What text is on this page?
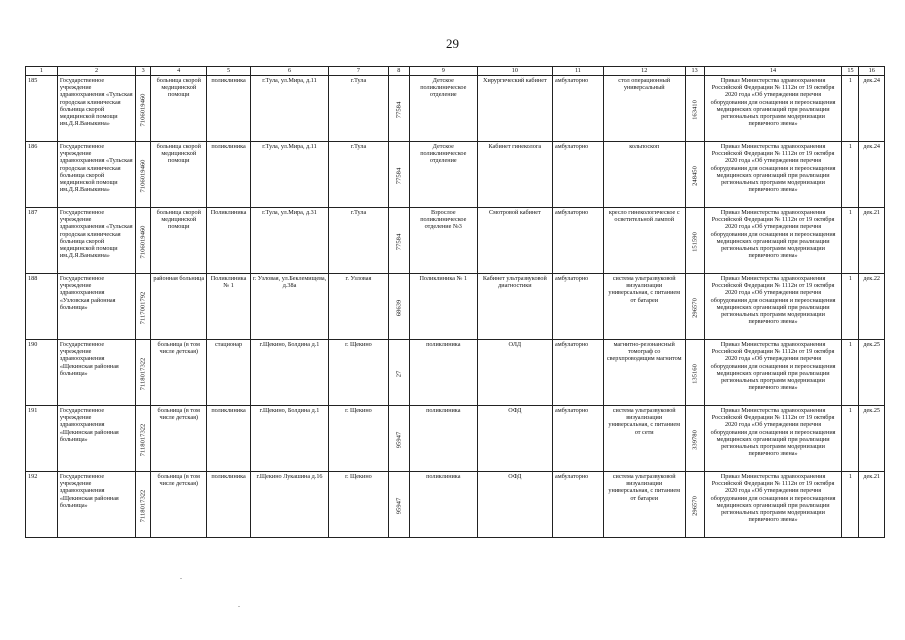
29
1	2	3	4	5	6	7	8	9	10	11	12	13	14	15	16
185	Государственное учреждение здравоохранения «Тульская городская клиническая больница скорой медицинской помощи им.Д.Я.Ваныкина»	7106019460	больница скорой медицинской помощи	поликлиника	г.Тула, ул.Мира, д.11	г.Тула	77584	Детское поликлиническое отделение	Хирургический кабинет	амбулаторно	стол операционный универсальный	163410	Приказ Министерства здравоохранения Российской Федерации № 1112н от 19 октября 2020 года «Об утверждении перечня оборудования для оснащения и переоснащения медицинских организаций при реализации региональных программ модернизации первичного звена»	1	дек.24
186	Государственное учреждение здравоохранения «Тульская городская клиническая больница скорой медицинской помощи им.Д.Я.Ваныкина»	7106019460	больница скорой медицинской помощи	поликлиника	г.Тула, ул.Мира, д.11	г.Тула	77584	Детское поликлиническое отделение	Кабинет гинеколога	амбулаторно	кольпоскоп	248450	Приказ Министерства здравоохранения Российской Федерации № 1112н от 19 октября 2020 года «Об утверждении перечня оборудования для оснащения и переоснащения медицинских организаций при реализации региональных программ модернизации первичного звена»	1	дек.24
187	Государственное учреждение здравоохранения «Тульская городская клиническая больница скорой медицинской помощи им.Д.Я.Ваныкина»	7106019460	больница скорой медицинской помощи	Поликлиника	г.Тула, ул.Мира, д.31	г.Тула	77584	Взрослое поликлиническое отделение №3	Смотровой кабинет	амбулаторно	кресло гинекологическое с осветительной лампой	151590	Приказ Министерства здравоохранения Российской Федерации № 1112н от 19 октября 2020 года «Об утверждении перечня оборудования для оснащения и переоснащения медицинских организаций при реализации региональных программ модернизации первичного звена»	1	дек.21
188	Государственное учреждение здравоохранения «Узловская районная больница»	7117001792	районная больница	Поликлиника № 1	г. Узловая, ул.Беклемищева, д.38а	г. Узловая	68639	Поликлиника № 1	Кабинет ультразвуковой диагностики	амбулаторно	система ультразвуковой визуализации универсальная, с питанием от батареи	296570	Приказ Министерства здравоохранения Российской Федерации № 1112н от 19 октября 2020 года «Об утверждении перечня оборудования для оснащения и переоснащения медицинских организаций при реализации региональных программ модернизации первичного звена»	1	дек.22
190	Государственное учреждение здравоохранения «Щекинская районная больница»	7118017322	больница (в том числе детская)	стационар	г.Щекино, Болдина д.1	г. Щекино	27	поликлиника	ОЛД	амбулаторно	магнитно-резонансный томограф со сверхпроводящим магнитом	135160	Приказ Министерства здравоохранения Российской Федерации № 1112н от 19 октября 2020 года «Об утверждении перечня оборудования для оснащения и переоснащения медицинских организаций при реализации региональных программ модернизации первичного звена»	1	дек.25
191	Государственное учреждение здравоохранения «Щекинская районная больница»	7118017322	больница (в том числе детская)	поликлиника	г.Щекино, Болдина д.1	г. Щекино	95947	поликлиника	ОФД	амбулаторно	система ультразвуковой визуализации универсальная, с питанием от сети	339780	Приказ Министерства здравоохранения Российской Федерации № 1112н от 19 октября 2020 года «Об утверждении перечня оборудования для оснащения и переоснащения медицинских организаций при реализации региональных программ модернизации первичного звена»	1	дек.25
192	Государственное учреждение здравоохранения «Щекинская районная больница»	7118017322	больница (в том числе детская)	поликлиника	г.Щекино Лукашина д.16	г. Щекино	95947	поликлиника	ОФД	амбулаторно	система ультразвуковой визуализации универсальная, с питанием от батареи	296570	Приказ Министерства здравоохранения Российской Федерации № 1112н от 19 октября 2020 года «Об утверждении перечня оборудования для оснащения и переоснащения медицинских организаций при реализации региональных программ модернизации первичного звена»	1	дек.21
.
.
